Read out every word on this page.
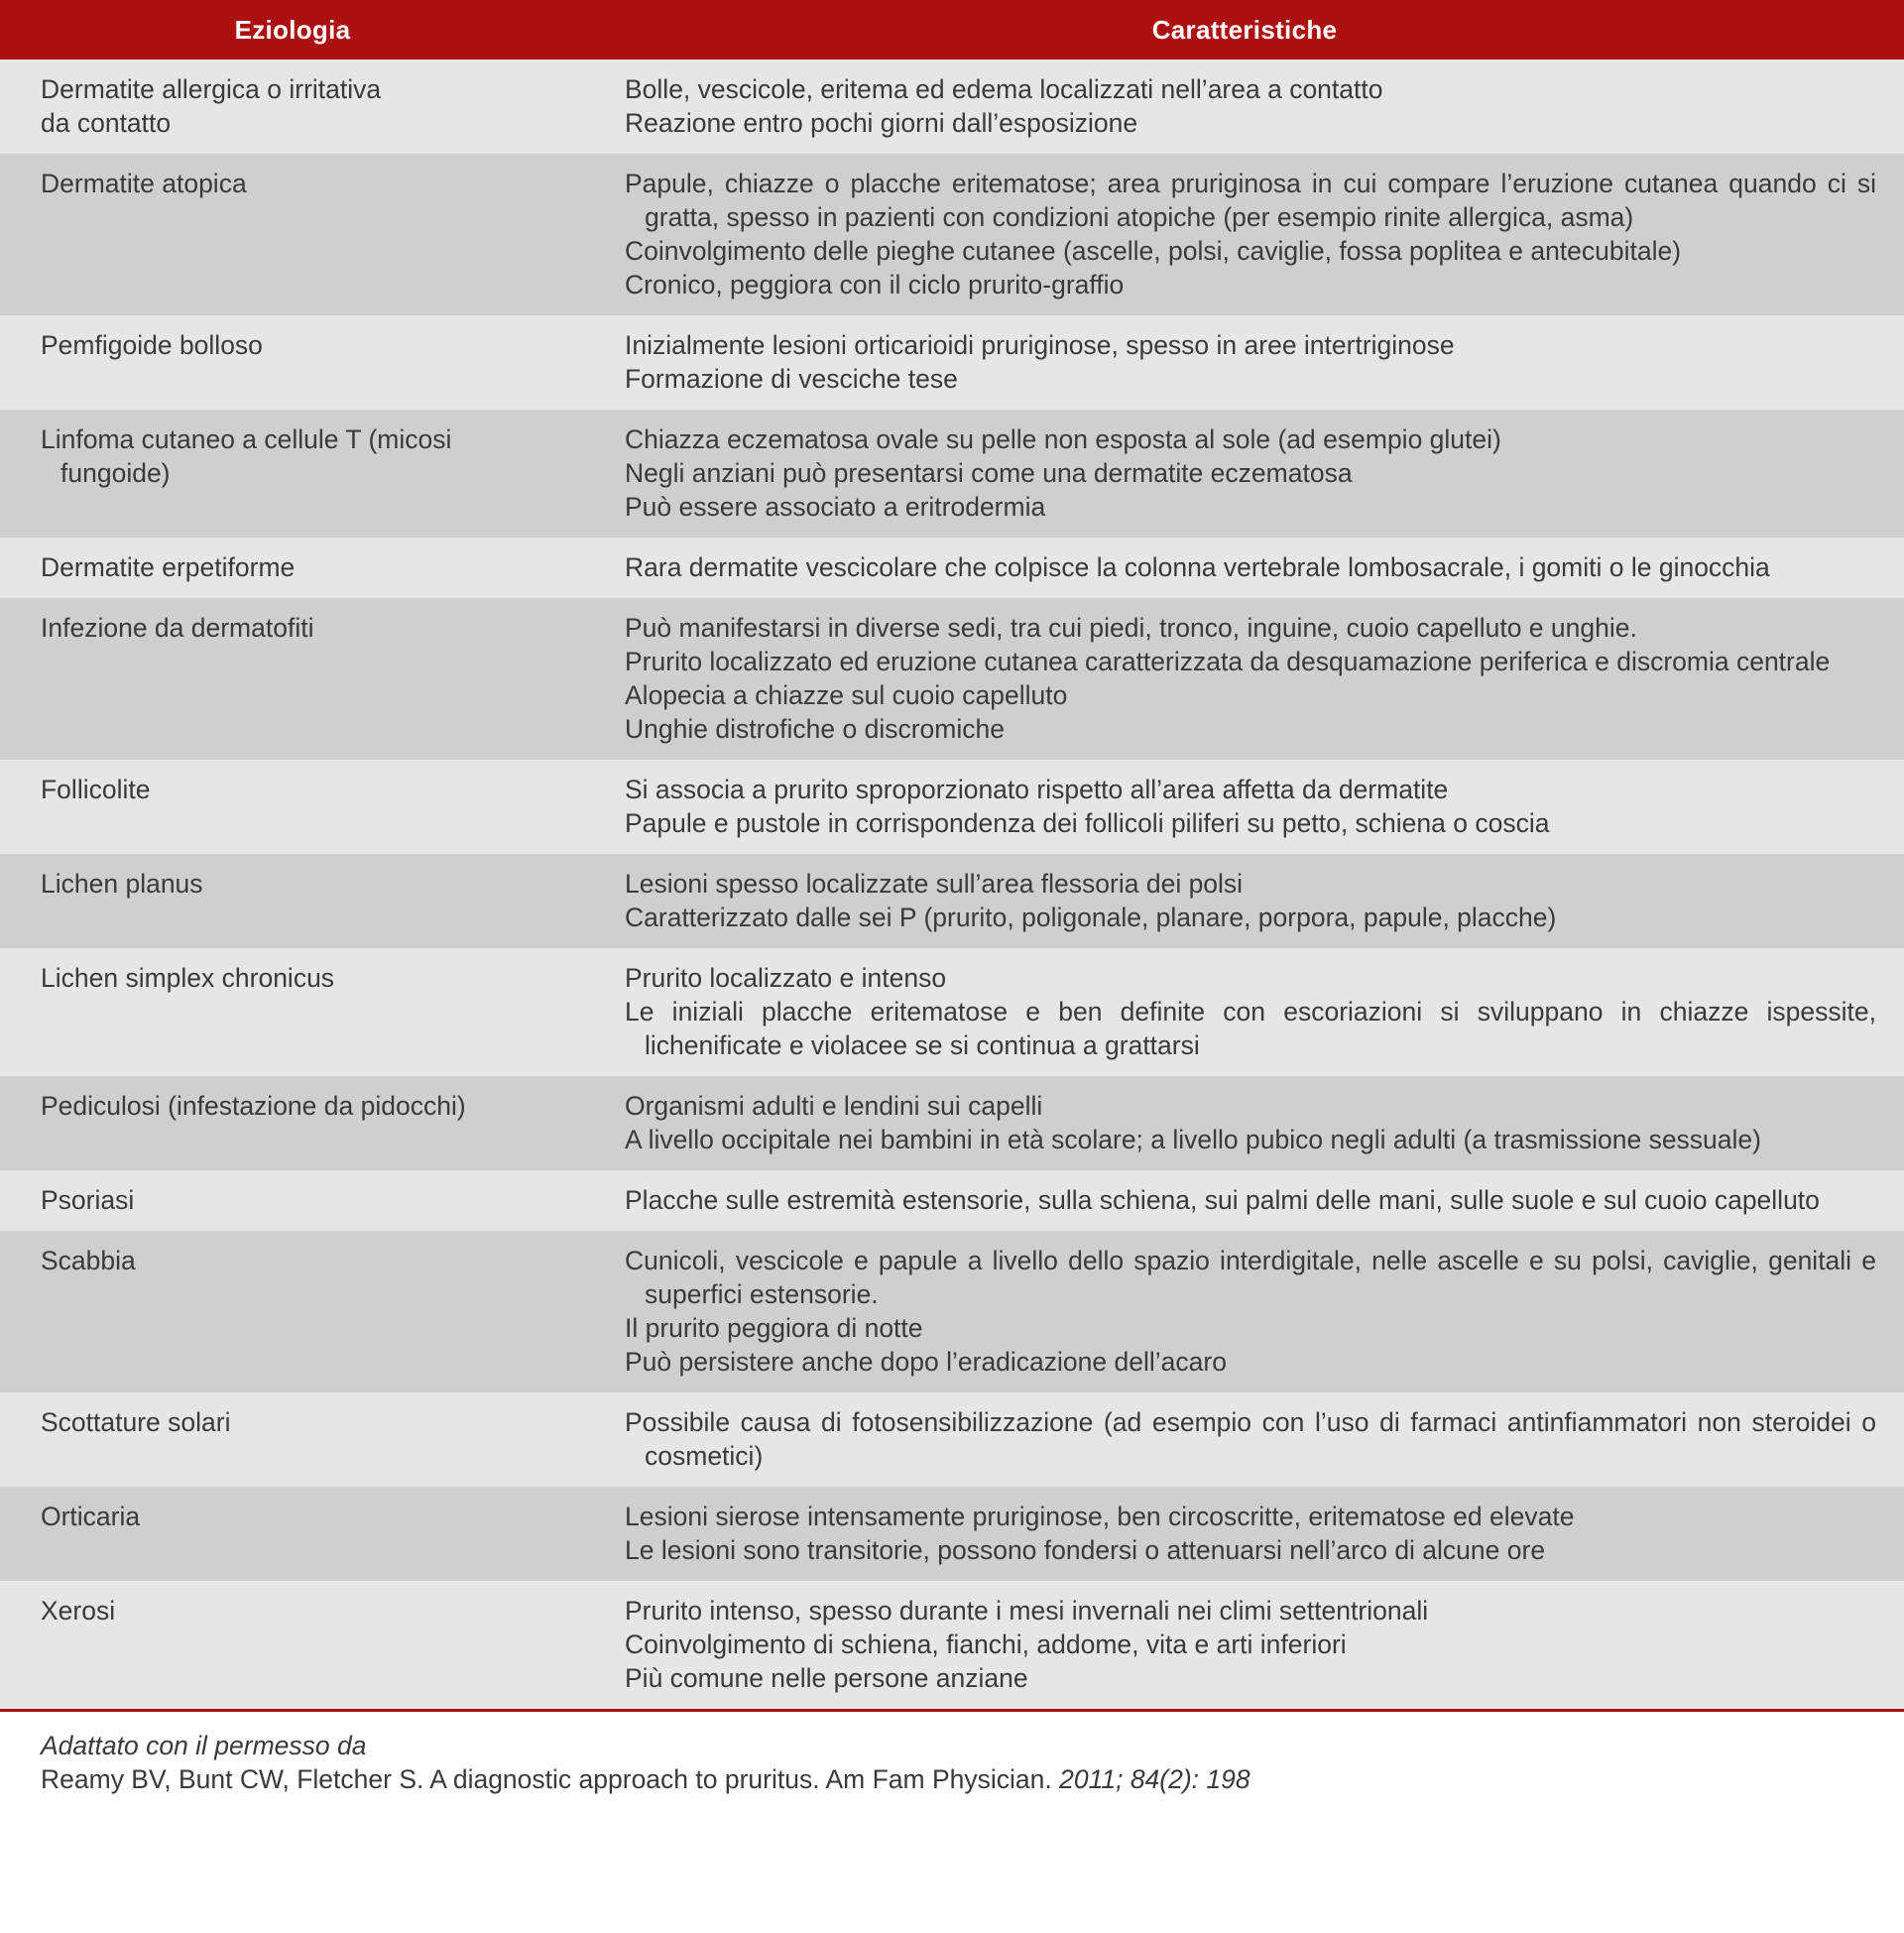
Eziologia	Caratteristiche

Dermatite allergica o irritativa
da contatto	Bolle, vescicole, eritema ed edema localizzati nell’area a contatto
Reazione entro pochi giorni dall’esposizione

Dermatite atopica	Papule, chiazze o placche eritematose; area pruriginosa in cui compare l’eruzione cutanea quando ci si gratta, spesso in pazienti con condizioni atopiche (per esempio rinite allergica, asma)
Coinvolgimento delle pieghe cutanee (ascelle, polsi, caviglie, fossa poplitea e antecubitale)
Cronico, peggiora con il ciclo prurito-graffio

Pemfigoide bolloso	Inizialmente lesioni orticarioidi pruriginose, spesso in aree intertriginose
Formazione di vesciche tese

Linfoma cutaneo a cellule T (micosi
fungoide)	Chiazza eczematosa ovale su pelle non esposta al sole (ad esempio glutei)
Negli anziani può presentarsi come una dermatite eczematosa
Può essere associato a eritrodermia

Dermatite erpetiforme	Rara dermatite vescicolare che colpisce la colonna vertebrale lombosacrale, i gomiti o le ginocchia

Infezione da dermatofiti	Può manifestarsi in diverse sedi, tra cui piedi, tronco, inguine, cuoio capelluto e unghie.
Prurito localizzato ed eruzione cutanea caratterizzata da desquamazione periferica e discromia centrale
Alopecia a chiazze sul cuoio capelluto
Unghie distrofiche o discromiche

Follicolite	Si associa a prurito sproporzionato rispetto all’area affetta da dermatite
Papule e pustole in corrispondenza dei follicoli piliferi su petto, schiena o coscia

Lichen planus	Lesioni spesso localizzate sull’area flessoria dei polsi
Caratterizzato dalle sei P (prurito, poligonale, planare, porpora, papule, placche)

Lichen simplex chronicus	Prurito localizzato e intenso
Le iniziali placche eritematose e ben definite con escoriazioni si sviluppano in chiazze ispessite, lichenificate e violacee se si continua a grattarsi

Pediculosi (infestazione da pidocchi)	Organismi adulti e lendini sui capelli
A livello occipitale nei bambini in età scolare; a livello pubico negli adulti (a trasmissione sessuale)

Psoriasi	Placche sulle estremità estensorie, sulla schiena, sui palmi delle mani, sulle suole e sul cuoio capelluto

Scabbia	Cunicoli, vescicole e papule a livello dello spazio interdigitale, nelle ascelle e su polsi, caviglie, genitali e superfici estensorie.
Il prurito peggiora di notte
Può persistere anche dopo l’eradicazione dell’acaro

Scottature solari	Possibile causa di fotosensibilizzazione (ad esempio con l’uso di farmaci antinfiammatori non steroidei o cosmetici)

Orticaria	Lesioni sierose intensamente pruriginose, ben circoscritte, eritematose ed elevate
Le lesioni sono transitorie, possono fondersi o attenuarsi nell’arco di alcune ore

Xerosi	Prurito intenso, spesso durante i mesi invernali nei climi settentrionali
Coinvolgimento di schiena, fianchi, addome, vita e arti inferiori
Più comune nelle persone anziane
Adattato con il permesso da
Reamy BV, Bunt CW, Fletcher S. A diagnostic approach to pruritus. Am Fam Physician. 2011; 84(2): 198
